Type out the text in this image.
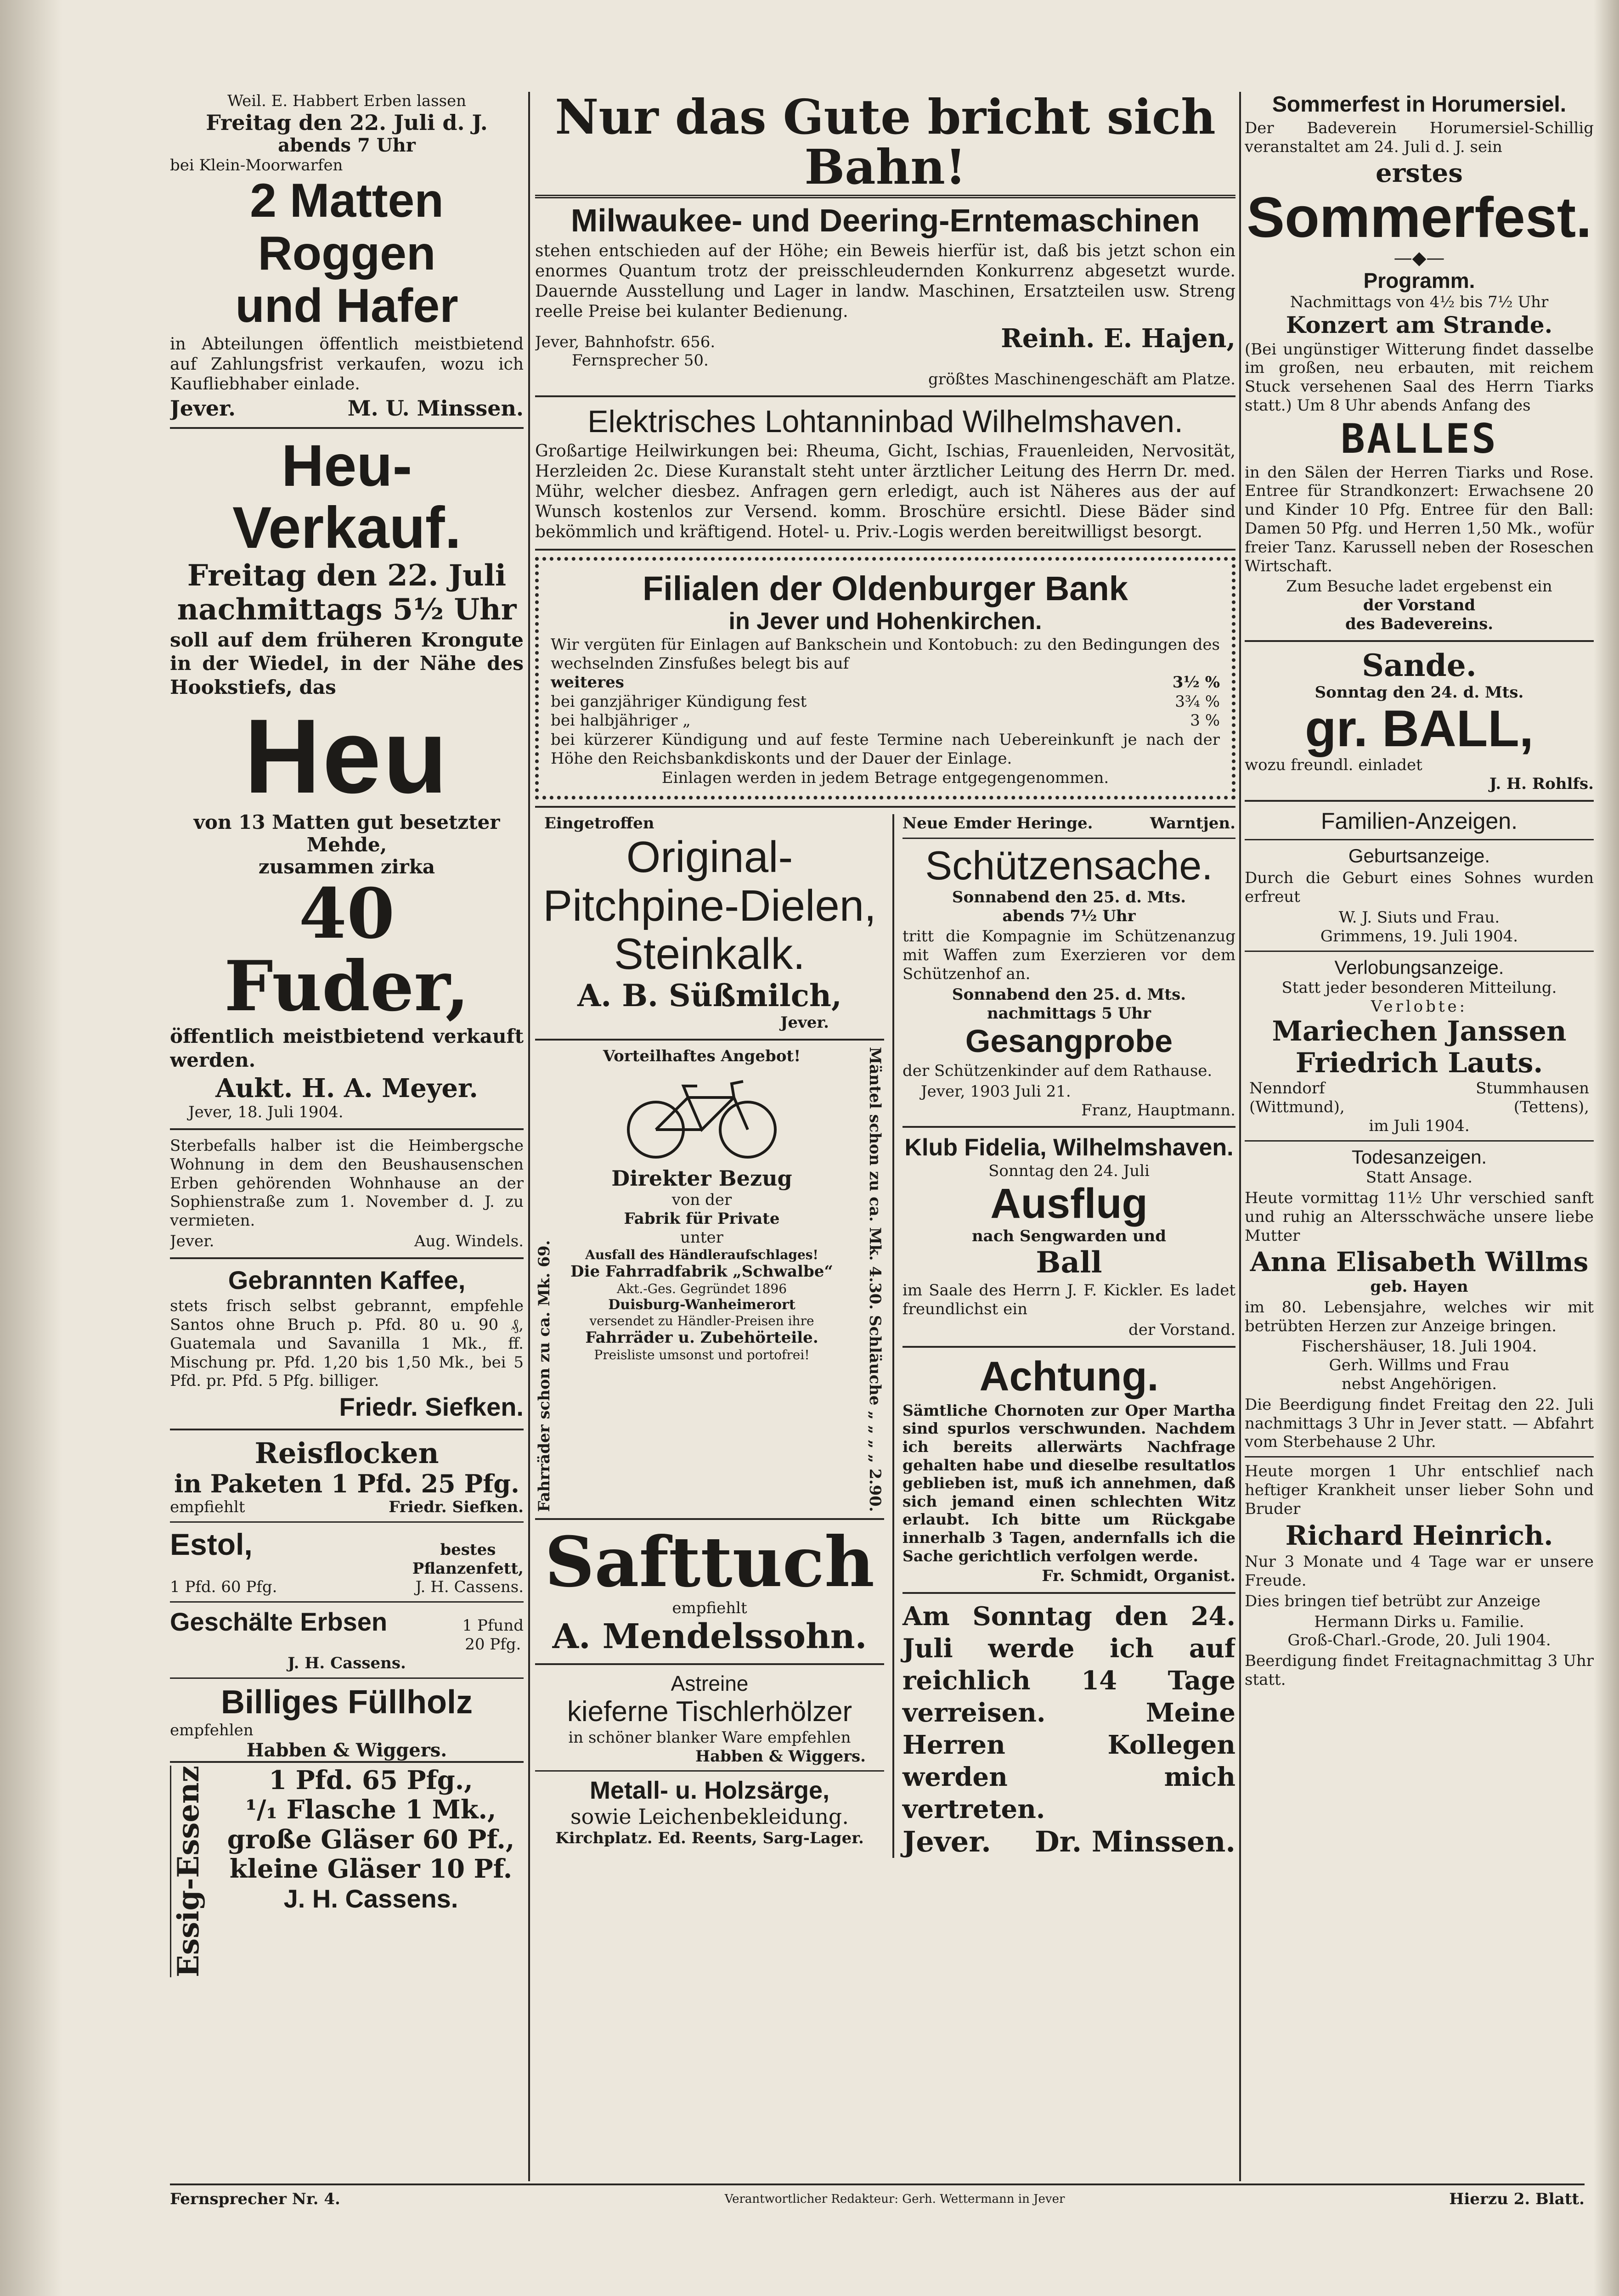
Weil. E. Habbert Erben lassen
Freitag den 22. Juli d. J.
abends 7 Uhr
bei Klein-Moorwarfen
2 Matten Roggen
und Hafer
in Abteilungen öffentlich meistbietend auf Zahlungsfrist verkaufen, wozu ich Kaufliebhaber einlade.
Jever.	M. U. Minssen.
Heu-Verkauf.
Freitag den 22. Juli
nachmittags 5½ Uhr
soll auf dem früheren Krongute in der Wiedel, in der Nähe des Hookstiefs, das
Heu
von 13 Matten gut besetzter Mehde,
zusammen zirka
40 Fuder,
öffentlich meistbietend verkauft werden.
Aukt. H. A. Meyer.
Jever, 18. Juli 1904.
Sterbefalls halber ist die Heimbergsche Wohnung in dem den Beushausenschen Erben gehörenden Wohnhause an der Sophienstraße zum 1. November d. J. zu vermieten.
Jever.	Aug. Windels.
Gebrannten Kaffee,
stets frisch selbst gebrannt, empfehle Santos ohne Bruch p. Pfd. 80 u. 90 ₰, Guatemala und Savanilla 1 Mk., ff. Mischung pr. Pfd. 1,20 bis 1,50 Mk., bei 5 Pfd. pr. Pfd. 5 Pfg. billiger.
Friedr. Siefken.
Reisflocken
in Paketen 1 Pfd. 25 Pfg.
empfiehlt	Friedr. Siefken.
Estol,	bestes
Pflanzenfett,
1 Pfd. 60 Pfg.	J. H. Cassens.
Geschälte Erbsen	1 Pfund
20 Pfg.
J. H. Cassens.
Billiges Füllholz
empfehlen
Habben & Wiggers.
Essig-Essenz	1 Pfd. 65 Pfg.,
¹/₁ Flasche 1 Mk.,
große Gläser 60 Pf.,
kleine Gläser 10 Pf.
J. H. Cassens.
Nur das Gute bricht sich Bahn!
Milwaukee- und Deering-Erntemaschinen
stehen entschieden auf der Höhe; ein Beweis hierfür ist, daß bis jetzt schon ein enormes Quantum trotz der preisschleudernden Konkurrenz abgesetzt wurde. Dauernde Ausstellung und Lager in landw. Maschinen, Ersatzteilen usw. Streng reelle Preise bei kulanter Bedienung.
Jever, Bahnhofstr. 656.
Fernsprecher 50.
Reinh. E. Hajen,
größtes Maschinengeschäft am Platze.
Elektrisches Lohtanninbad Wilhelmshaven.
Großartige Heilwirkungen bei: Rheuma, Gicht, Ischias, Frauenleiden, Nervosität, Herzleiden 2c. Diese Kuranstalt steht unter ärztlicher Leitung des Herrn Dr. med. Mühr, welcher diesbez. Anfragen gern erledigt, auch ist Näheres aus der auf Wunsch kostenlos zur Versend. komm. Broschüre ersichtl. Diese Bäder sind bekömmlich und kräftigend. Hotel- u. Priv.-Logis werden bereitwilligst besorgt.
Filialen der Oldenburger Bank
in Jever und Hohenkirchen.
Wir vergüten für Einlagen auf Bankschein und Kontobuch: zu den Bedingungen des wechselnden Zinsfußes belegt bis auf
weiteres	3½ %
bei ganzjähriger Kündigung fest	3¾ %
bei halbjähriger „	3 %
bei kürzerer Kündigung und auf feste Termine nach Uebereinkunft je nach der Höhe den Reichsbankdiskonts und der Dauer der Einlage.
Einlagen werden in jedem Betrage entgegengenommen.
Eingetroffen
Original-
Pitchpine-Dielen,
Steinkalk.
A. B. Süßmilch,
Jever.
Fahrräder schon zu ca. Mk. 69.
Vorteilhaftes Angebot!
Direkter Bezug
von der
Fabrik für Private
unter
Ausfall des Händleraufschlages!
Die Fahrradfabrik „Schwalbe“
Akt.-Ges. Gegründet 1896
Duisburg-Wanheimerort
versendet zu Händler-Preisen ihre
Fahrräder u. Zubehörteile.
Preisliste umsonst und portofrei!	Mäntel schon zu ca. Mk. 4.30. Schläuche „ „ „ „ 2.90.
Safttuch
empfiehlt
A. Mendelssohn.
Astreine
kieferne Tischlerhölzer
in schöner blanker Ware empfehlen
Habben & Wiggers.
Metall- u. Holzsärge,
sowie Leichenbekleidung.
Kirchplatz. Ed. Reents, Sarg-Lager.
Neue Emder Heringe.	Warntjen.
Schützensache.
Sonnabend den 25. d. Mts.
abends 7½ Uhr
tritt die Kompagnie im Schützenanzug mit Waffen zum Exerzieren vor dem Schützenhof an.
Sonnabend den 25. d. Mts.
nachmittags 5 Uhr
Gesangprobe
der Schützenkinder auf dem Rathause.
Jever, 1903 Juli 21.
Franz, Hauptmann.
Klub Fidelia, Wilhelmshaven.
Sonntag den 24. Juli
Ausflug
nach Sengwarden und
Ball
im Saale des Herrn J. F. Kickler. Es ladet freundlichst ein
der Vorstand.
Achtung.
Sämtliche Chornoten zur Oper Martha sind spurlos verschwunden. Nachdem ich bereits allerwärts Nachfrage gehalten habe und dieselbe resultatlos geblieben ist, muß ich annehmen, daß sich jemand einen schlechten Witz erlaubt. Ich bitte um Rückgabe innerhalb 3 Tagen, andernfalls ich die Sache gerichtlich verfolgen werde.
Fr. Schmidt, Organist.
Am Sonntag den 24. Juli werde ich auf reichlich 14 Tage verreisen. Meine Herren Kollegen werden mich vertreten.
Jever. Dr. Minssen.
Sommerfest in Horumersiel.
Der Badeverein Horumersiel-Schillig veranstaltet am 24. Juli d. J. sein
erstes
Sommerfest.
—◆—
Programm.
Nachmittags von 4½ bis 7½ Uhr
Konzert am Strande.
(Bei ungünstiger Witterung findet dasselbe im großen, neu erbauten, mit reichem Stuck versehenen Saal des Herrn Tiarks statt.) Um 8 Uhr abends Anfang des
BALLES
in den Sälen der Herren Tiarks und Rose. Entree für Strandkonzert: Erwachsene 20 und Kinder 10 Pfg. Entree für den Ball: Damen 50 Pfg. und Herren 1,50 Mk., wofür freier Tanz. Karussell neben der Roseschen Wirtschaft.
Zum Besuche ladet ergebenst ein
der Vorstand
des Badevereins.
Sande.
Sonntag den 24. d. Mts.
gr. BALL,
wozu freundl. einladet
J. H. Rohlfs.
Familien-Anzeigen.
Geburtsanzeige.
Durch die Geburt eines Sohnes wurden erfreut
W. J. Siuts und Frau.
Grimmens, 19. Juli 1904.
Verlobungsanzeige.
Statt jeder besonderen Mitteilung.
Verlobte:
Mariechen Janssen
Friedrich Lauts.
Nenndorf	Stummhausen
(Wittmund),	(Tettens),
im Juli 1904.
Todesanzeigen.
Statt Ansage.
Heute vormittag 11½ Uhr verschied sanft und ruhig an Altersschwäche unsere liebe Mutter
Anna Elisabeth Willms
geb. Hayen
im 80. Lebensjahre, welches wir mit betrübten Herzen zur Anzeige bringen.
Fischershäuser, 18. Juli 1904.
Gerh. Willms und Frau
nebst Angehörigen.
Die Beerdigung findet Freitag den 22. Juli nachmittags 3 Uhr in Jever statt. — Abfahrt vom Sterbehause 2 Uhr.
Heute morgen 1 Uhr entschlief nach heftiger Krankheit unser lieber Sohn und Bruder
Richard Heinrich.
Nur 3 Monate und 4 Tage war er unsere Freude.
Dies bringen tief betrübt zur Anzeige
Hermann Dirks u. Familie.
Groß-Charl.-Grode, 20. Juli 1904.
Beerdigung findet Freitagnachmittag 3 Uhr statt.
Fernsprecher Nr. 4.	Verantwortlicher Redakteur: Gerh. Wettermann in Jever	Hierzu 2. Blatt.
